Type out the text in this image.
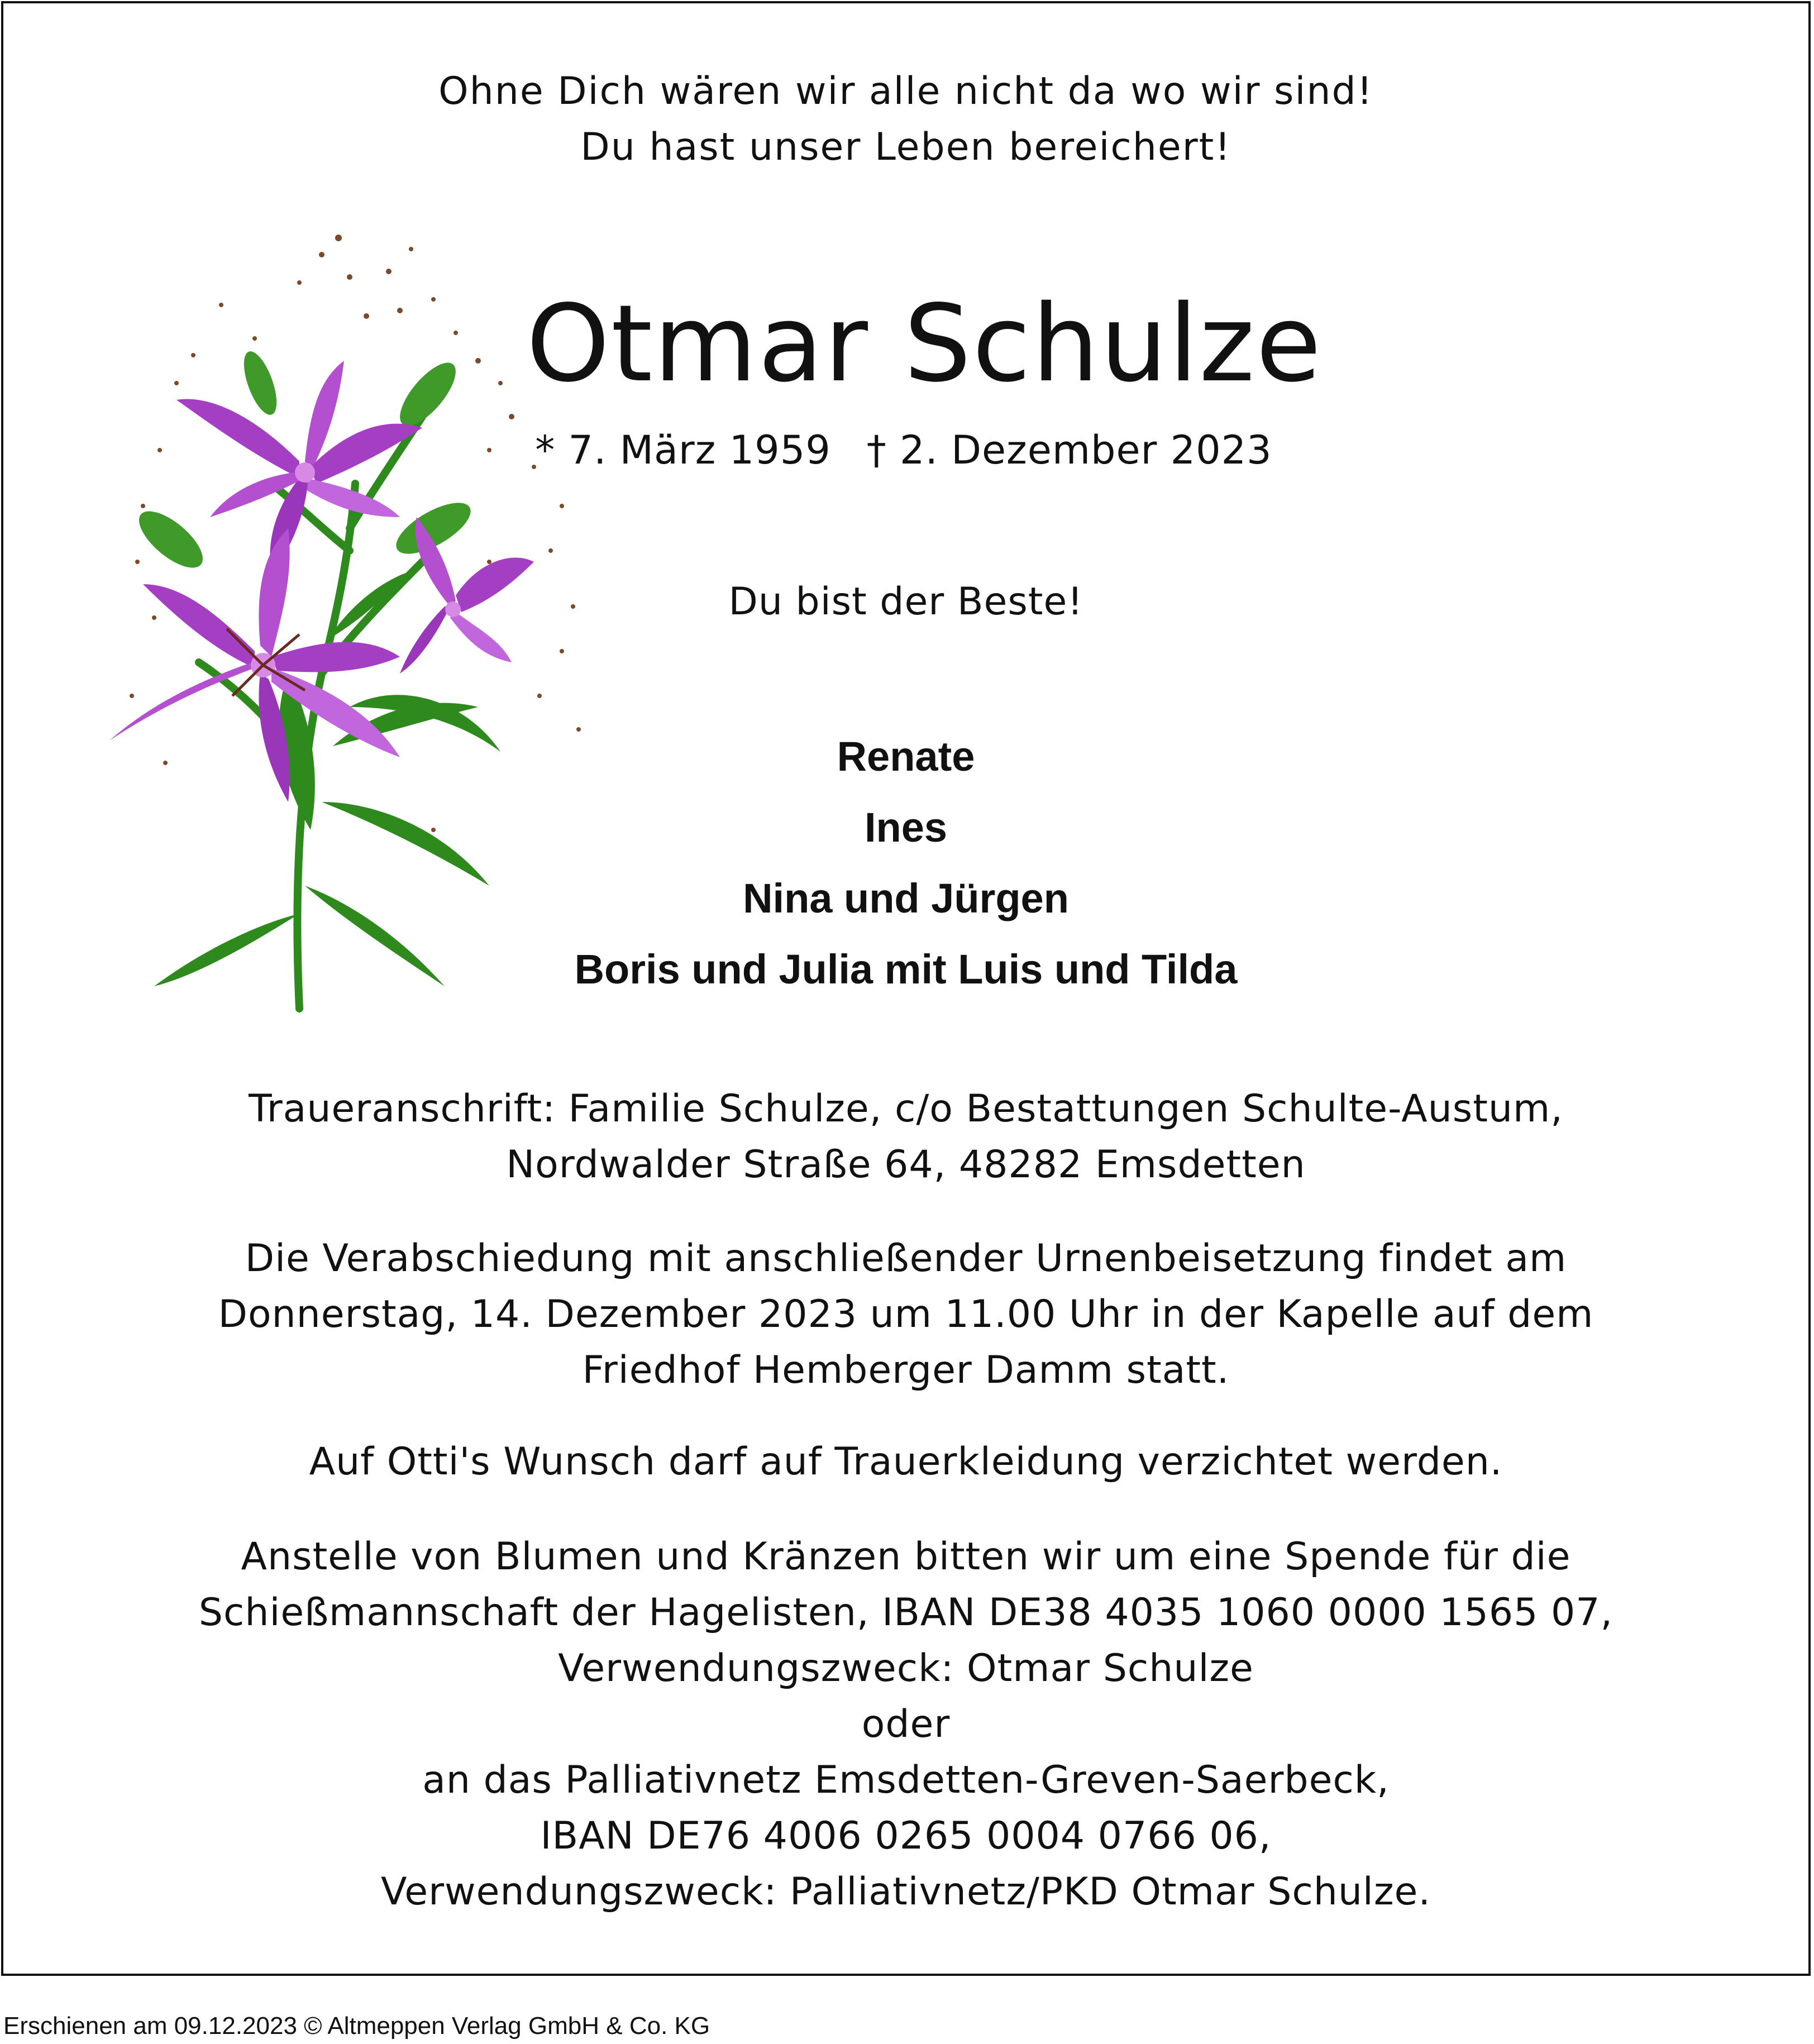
Ohne Dich wären wir alle nicht da wo wir sind!
Du hast unser Leben bereichert!
Otmar Schulze
* 7. März 1959 † 2. Dezember 2023
Du bist der Beste!
Renate
Ines
Nina und Jürgen
Boris und Julia mit Luis und Tilda
Traueranschrift: Familie Schulze, c/o Bestattungen Schulte-Austum,
Nordwalder Straße 64, 48282 Emsdetten
Die Verabschiedung mit anschließender Urnenbeisetzung findet am
Donnerstag, 14. Dezember 2023 um 11.00 Uhr in der Kapelle auf dem
Friedhof Hemberger Damm statt.
Auf Otti's Wunsch darf auf Trauerkleidung verzichtet werden.
Anstelle von Blumen und Kränzen bitten wir um eine Spende für die
Schießmannschaft der Hagelisten, IBAN DE38 4035 1060 0000 1565 07,
Verwendungszweck: Otmar Schulze
oder
an das Palliativnetz Emsdetten-Greven-Saerbeck,
IBAN DE76 4006 0265 0004 0766 06,
Verwendungszweck: Palliativnetz/PKD Otmar Schulze.
Erschienen am 09.12.2023 © Altmeppen Verlag GmbH & Co. KG
